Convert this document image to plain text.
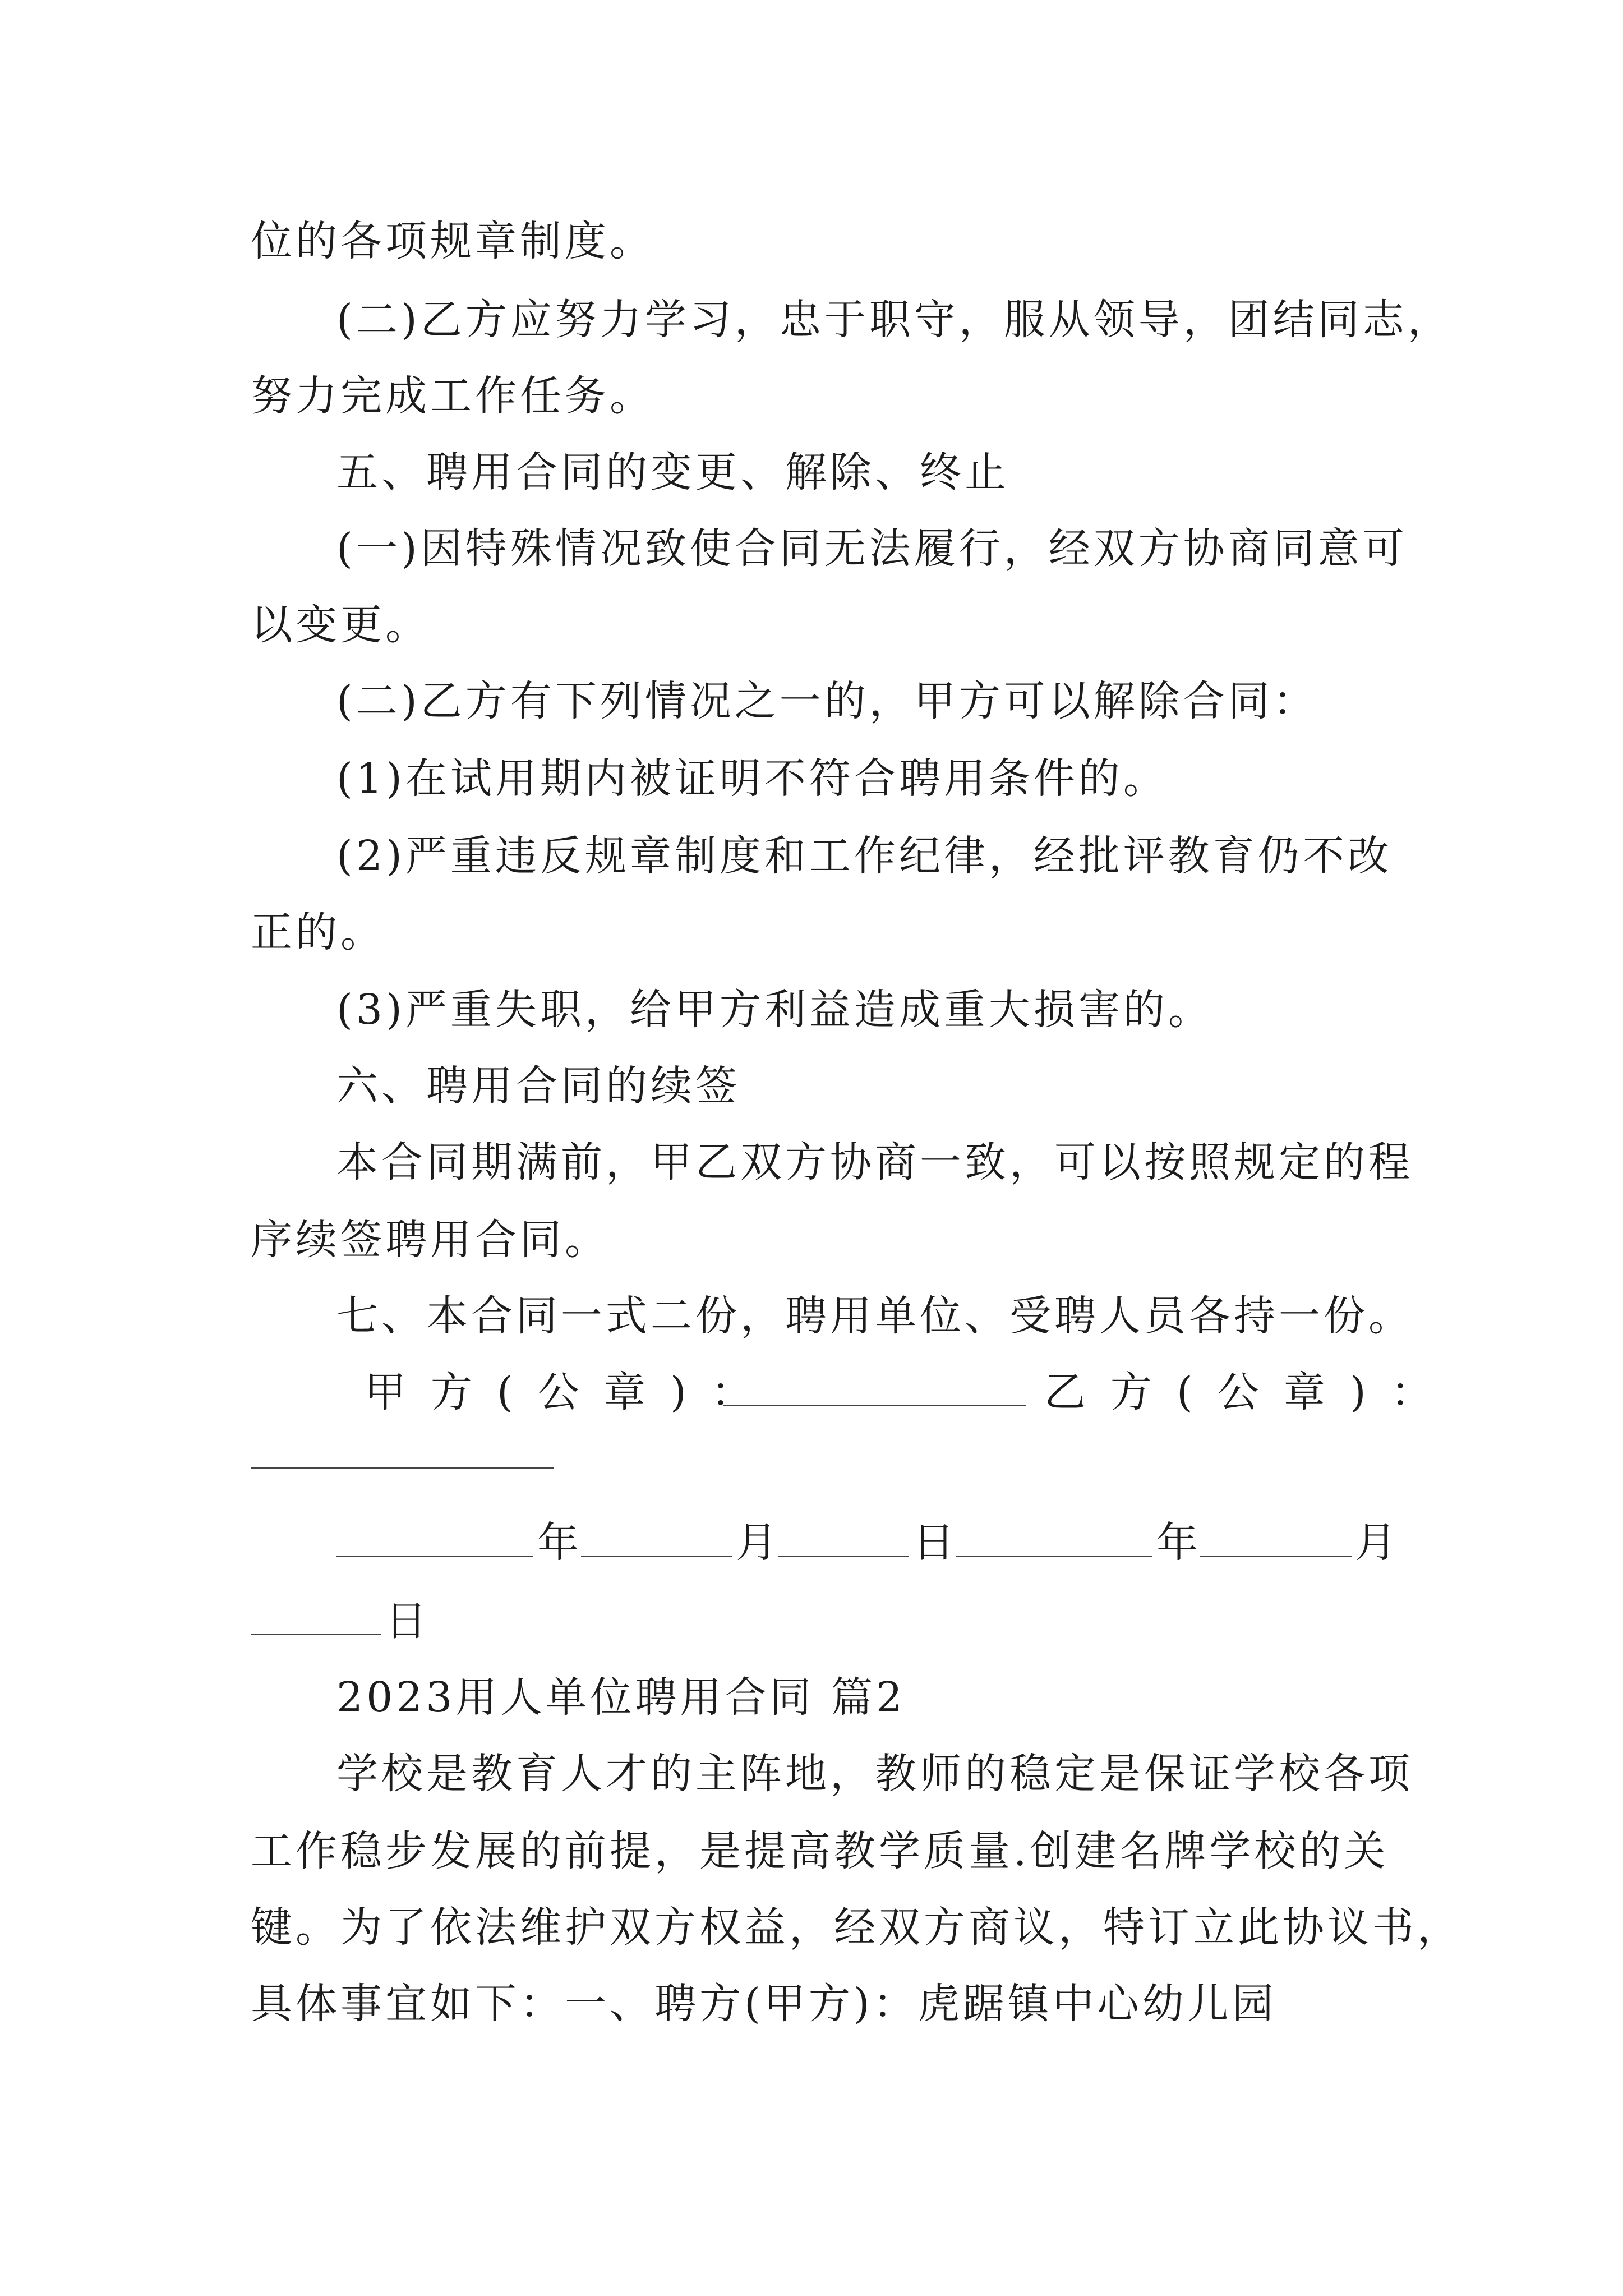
位的各项规章制度。
(二)乙方应努力学习，忠于职守，服从领导，团结同志，
努力完成工作任务。
五、聘用合同的变更、解除、终止
(一)因特殊情况致使合同无法履行，经双方协商同意可
以变更。
(二)乙方有下列情况之一的，甲方可以解除合同：
(1)在试用期内被证明不符合聘用条件的。
(2)严重违反规章制度和工作纪律，经批评教育仍不改
正的。
(3)严重失职，给甲方利益造成重大损害的。
六、聘用合同的续签
本合同期满前，甲乙双方协商一致，可以按照规定的程
序续签聘用合同。
七、本合同一式二份，聘用单位、受聘人员各持一份。
甲方(公章)：	乙方(公章)：
年	月	日	年	月
日
2023用人单位聘用合同 篇2
学校是教育人才的主阵地，教师的稳定是保证学校各项
工作稳步发展的前提，是提高教学质量.创建名牌学校的关
键。为了依法维护双方权益，经双方商议，特订立此协议书，
具体事宜如下：一、聘方(甲方)：虎踞镇中心幼儿园
